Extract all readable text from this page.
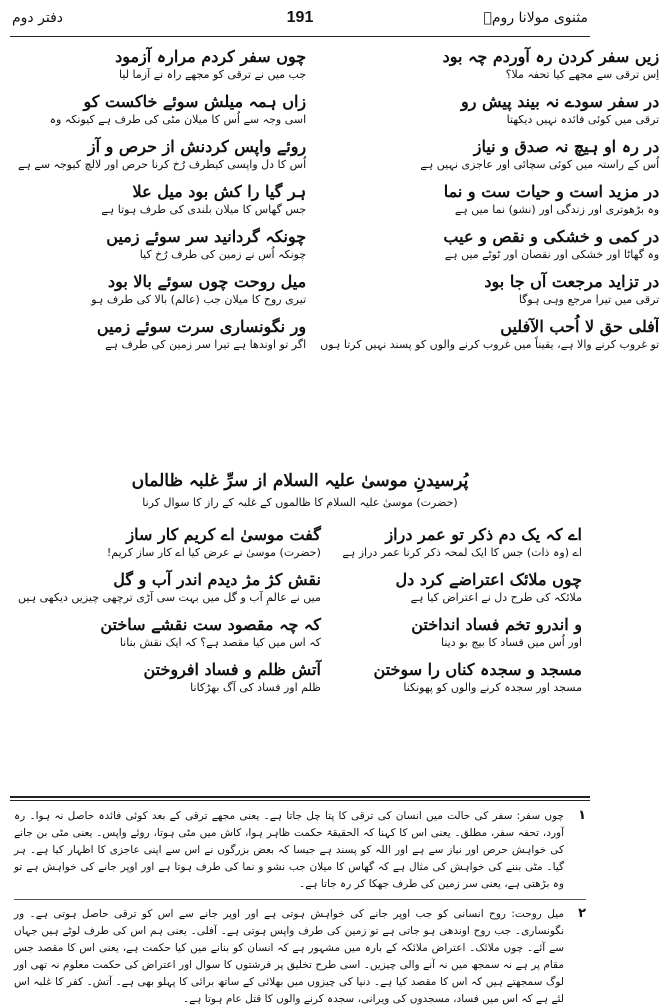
دفتر دوم	191	مثنوی مولانا رومؒ
چوں سفر کردم مرارہ آزمود
جب میں نے ترقی کو مجھے راہ نے آزما لیا
زاں ہمہ میلش سوئے خاکست کو
اسی وجہ سے اُس کا میلان مٹی کی طرف ہے کیونکہ وہ
روئے واپس کردنش از حرص و آز
اُس کا دل واپسی کیطرف رُخ کرنا حرص اور لالچ کیوجہ سے ہے
ہر گیا را کش بود میل علا
جس گھاس کا میلان بلندی کی طرف ہوتا ہے
چونکہ گردانید سر سوئے زمیں
چونکہ اُس نے زمین کی طرف رُخ کیا
میل روحت چوں سوئے بالا بود
تیری روح کا میلان جب (عالم) بالا کی طرف ہو
ور نگونساری سرت سوئے زمیں
اگر تو اوندھا ہے تیرا سر زمین کی طرف ہے
زیں سفر کردن رہ آوردم چہ بود
اِس ترقی سے مجھے کیا تحفہ ملا؟
در سفر سودے نہ بیند پیش رو
ترقی میں کوئی فائدہ نہیں دیکھتا
در رہ او ہیچ نہ صدق و نیاز
اُس کے راستہ میں کوئی سچائی اور عاجزی نہیں ہے
در مزید است و حیات ست و نما
وہ بڑھوتری اور زندگی اور (نشو) نما میں ہے
در کمی و خشکی و نقص و عیب
وہ گھاٹا اور خشکی اور نقصان اور ٹوٹے میں ہے
در تزاید مرجعت آں جا بود
ترقی میں تیرا مرجع وہی ہوگا
آفلی حق لا اُحب الآفلیں
تو غروب کرنے والا ہے، یقیناً میں غروب کرنے والوں کو پسند نہیں کرتا ہوں
پُرسیدنِ موسیٰ علیہ السلام از سرِّ غلبہ ظالماں
(حضرت) موسیٰ علیہ السلام کا ظالموں کے غلبہ کے راز کا سوال کرنا
گفت موسیٰ اے کریم کار ساز
(حضرت) موسیٰ نے عرض کیا اے کار ساز کریم!
نقش کژ مژ دیدم اندر آب و گل
میں نے عالمِ آب و گل میں بہت سی آڑی ترچھی چیزیں دیکھی ہیں
کہ چہ مقصود ست نقشے ساختن
کہ اس میں کیا مقصد ہے؟ کہ ایک نقش بنانا
آتش ظلم و فساد افروختن
ظلم اور فساد کی آگ بھڑکانا
اے کہ یک دم ذکر تو عمر دراز
اے (وہ ذات) جس کا ایک لمحہ ذکر کرنا عمر دراز ہے
چوں ملائک اعتراضے کرد دل
ملائکہ کی طرح دل نے اعتراض کیا ہے
و اندرو تخم فساد انداختن
اور اُس میں فساد کا بیج بو دینا
مسجد و سجدہ کناں را سوختن
مسجد اور سجدہ کرنے والوں کو پھونکنا
۱
چوں سفر: سفر کی حالت میں انسان کی ترقی کا پتا چل جاتا ہے۔ یعنی مجھے ترقی کے بعد کوئی فائدہ حاصل نہ ہوا۔ رہ آورد، تحفہ سفر، مطلق۔ یعنی اس کا کہنا کہ الحقیقۃ حکمت ظاہر ہوا، کاش میں مٹی ہوتا، روئے واپس۔ یعنی مٹی بن جانے کی خواہش حرص اور نیاز سے ہے اور اللہ کو پسند ہے جیسا کہ بعض بزرگوں نے اس سے اپنی عاجزی کا اظہار کیا ہے۔ ہر گیا۔ مٹی بننے کی خواہش کی مثال ہے کہ گھاس کا میلان جب نشو و نما کی طرف ہوتا ہے اور اوپر جانے کی خواہش ہے تو وہ بڑھتی ہے، یعنی سر زمین کی طرف جھکا کر رہ جاتا ہے۔
۲
میل روحت: روح انسانی کو جب اوپر جانے کی خواہش ہوتی ہے اور اوپر جانے سے اس کو ترقی حاصل ہوتی ہے۔ ور نگونساری۔ جب روح اوندھی ہو جاتی ہے تو زمین کی طرف واپس ہوتی ہے۔ آفلی۔ یعنی ہم اس کی طرف لوٹے ہیں جہاں سے آئے۔ چوں ملائک۔ اعتراض ملائکہ کے بارہ میں مشہور ہے کہ انسان کو بنانے میں کیا حکمت ہے، یعنی اس کا مقصد جس مقام پر ہے نہ سمجھ میں نہ آنے والی چیزیں۔ اسی طرح تخلیق پر فرشتوں کا سوال اور اعتراض کی حکمت معلوم نہ تھی اور لوگ سمجھتے ہیں کہ اس کا مقصد کیا ہے۔ دنیا کی چیزوں میں بھلائی کے ساتھ برائی کا پہلو بھی ہے۔ آتش۔ کفر کا غلبہ اس لئے ہے کہ اس میں فساد، مسجدوں کی ویرانی، سجدہ کرنے والوں کا قتل عام ہوتا ہے۔
